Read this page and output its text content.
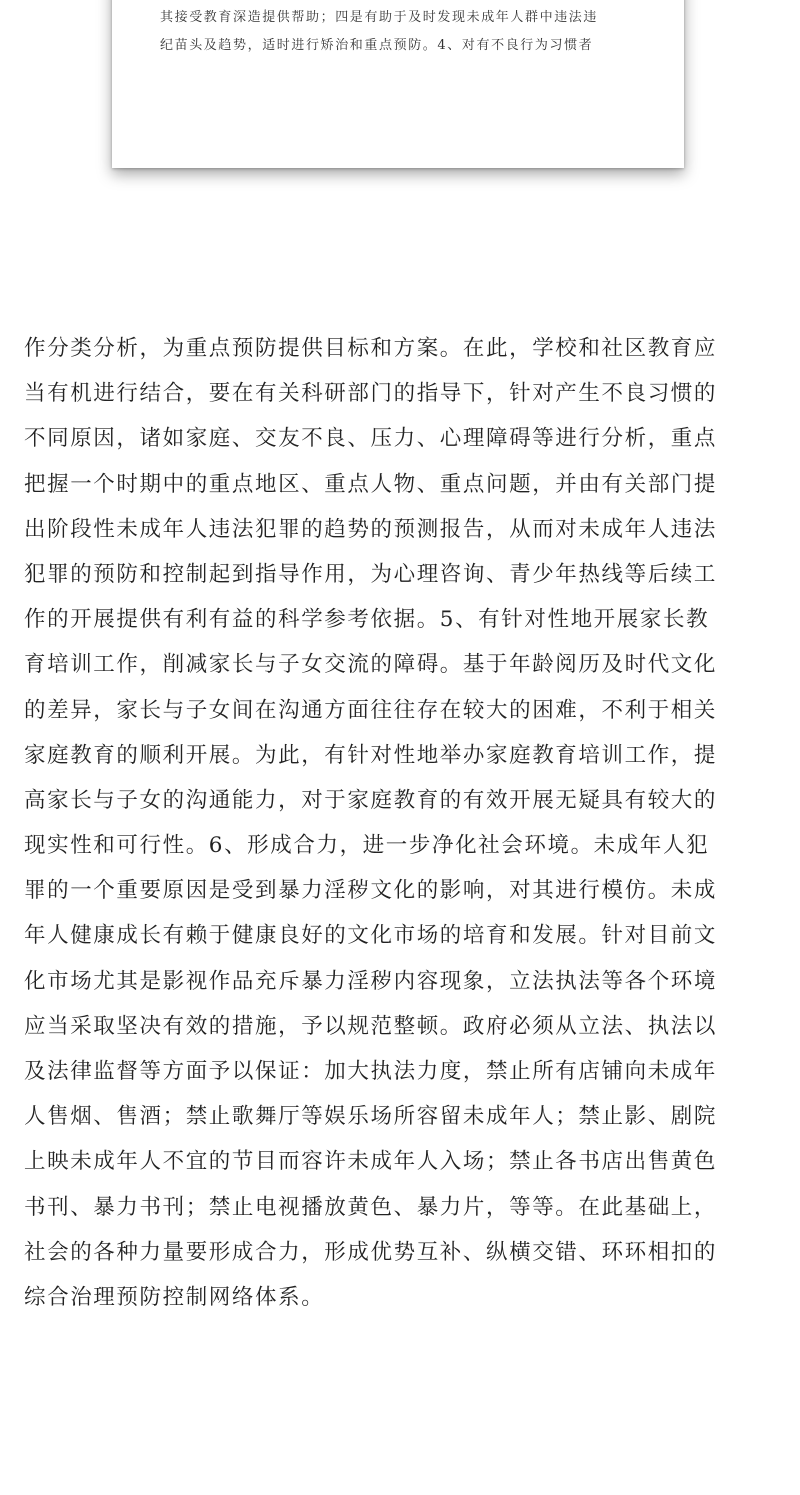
其接受教育深造提供帮助；四是有助于及时发现未成年人群中违法违
纪苗头及趋势，适时进行矫治和重点预防。4、对有不良行为习惯者
作分类分析，为重点预防提供目标和方案。在此，学校和社区教育应
当有机进行结合，要在有关科研部门的指导下，针对产生不良习惯的
不同原因，诸如家庭、交友不良、压力、心理障碍等进行分析，重点
把握一个时期中的重点地区、重点人物、重点问题，并由有关部门提
出阶段性未成年人违法犯罪的趋势的预测报告，从而对未成年人违法
犯罪的预防和控制起到指导作用，为心理咨询、青少年热线等后续工
作的开展提供有利有益的科学参考依据。5、有针对性地开展家长教
育培训工作，削减家长与子女交流的障碍。基于年龄阅历及时代文化
的差异，家长与子女间在沟通方面往往存在较大的困难，不利于相关
家庭教育的顺利开展。为此，有针对性地举办家庭教育培训工作，提
高家长与子女的沟通能力，对于家庭教育的有效开展无疑具有较大的
现实性和可行性。6、形成合力，进一步净化社会环境。未成年人犯
罪的一个重要原因是受到暴力淫秽文化的影响，对其进行模仿。未成
年人健康成长有赖于健康良好的文化市场的培育和发展。针对目前文
化市场尤其是影视作品充斥暴力淫秽内容现象，立法执法等各个环境
应当采取坚决有效的措施，予以规范整顿。政府必须从立法、执法以
及法律监督等方面予以保证：加大执法力度，禁止所有店铺向未成年
人售烟、售酒；禁止歌舞厅等娱乐场所容留未成年人；禁止影、剧院
上映未成年人不宜的节目而容许未成年人入场；禁止各书店出售黄色
书刊、暴力书刊；禁止电视播放黄色、暴力片，等等。在此基础上，
社会的各种力量要形成合力，形成优势互补、纵横交错、环环相扣的
综合治理预防控制网络体系。
